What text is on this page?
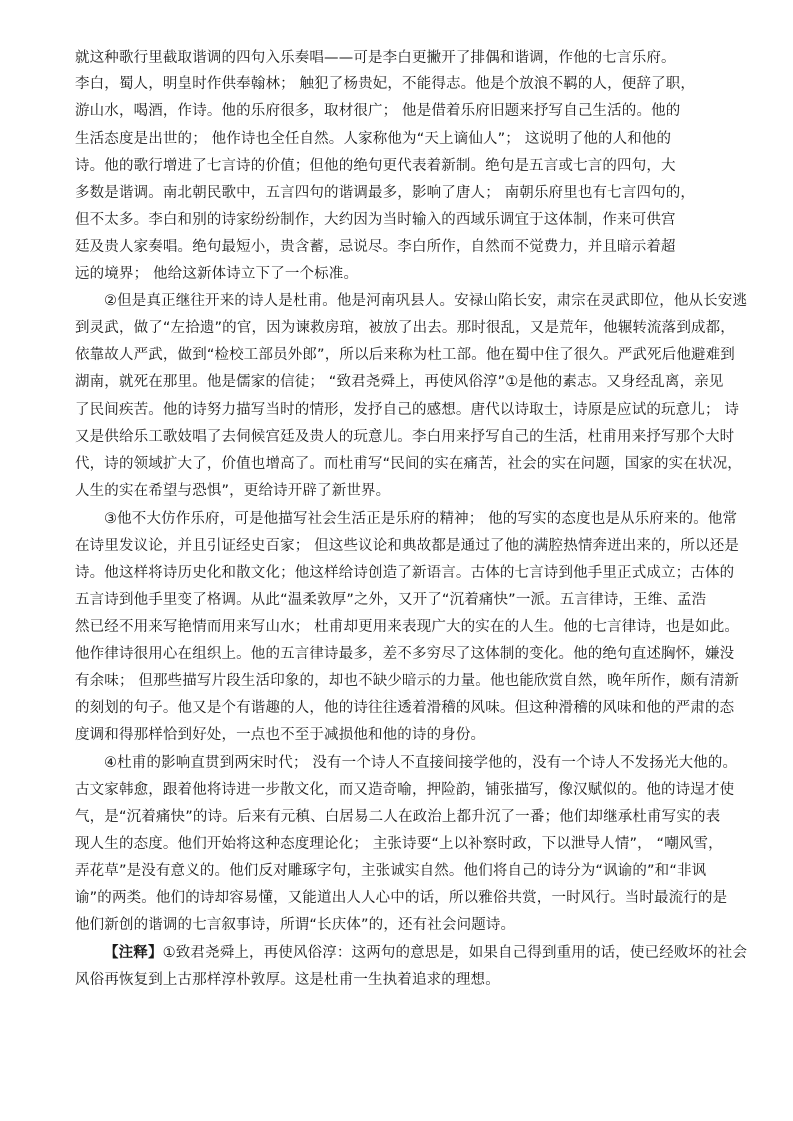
就这种歌行里截取谐调的四句入乐奏唱——可是李白更撇开了排偶和谐调，作他的七言乐府。
李白，蜀人，明皇时作供奉翰林； 触犯了杨贵妃，不能得志。他是个放浪不羁的人，便辞了职，
游山水，喝酒，作诗。他的乐府很多，取材很广； 他是借着乐府旧题来抒写自己生活的。他的
生活态度是出世的； 他作诗也全任自然。人家称他为“天上谪仙人”； 这说明了他的人和他的
诗。他的歌行增进了七言诗的价值；但他的绝句更代表着新制。绝句是五言或七言的四句，大
多数是谐调。南北朝民歌中，五言四句的谐调最多，影响了唐人； 南朝乐府里也有七言四句的，
但不太多。李白和别的诗家纷纷制作，大约因为当时输入的西域乐调宜于这体制，作来可供宫
廷及贵人家奏唱。绝句最短小，贵含蓄，忌说尽。李白所作，自然而不觉费力，并且暗示着超
远的境界； 他给这新体诗立下了一个标准。
②但是真正继往开来的诗人是杜甫。他是河南巩县人。安禄山陷长安，肃宗在灵武即位，他从长安逃
到灵武，做了“左拾遗”的官，因为谏救房琯，被放了出去。那时很乱，又是荒年，他辗转流落到成都，
依靠故人严武，做到“检校工部员外郎”，所以后来称为杜工部。他在蜀中住了很久。严武死后他避难到
湖南，就死在那里。他是儒家的信徒； “致君尧舜上，再使风俗淳”①是他的素志。又身经乱离，亲见
了民间疾苦。他的诗努力描写当时的情形，发抒自己的感想。唐代以诗取士，诗原是应试的玩意儿； 诗
又是供给乐工歌妓唱了去伺候宫廷及贵人的玩意儿。李白用来抒写自己的生活，杜甫用来抒写那个大时
代，诗的领域扩大了，价值也增高了。而杜甫写“民间的实在痛苦，社会的实在问题，国家的实在状况，
人生的实在希望与恐惧”，更给诗开辟了新世界。
③他不大仿作乐府，可是他描写社会生活正是乐府的精神； 他的写实的态度也是从乐府来的。他常
在诗里发议论，并且引证经史百家； 但这些议论和典故都是通过了他的满腔热情奔迸出来的，所以还是
诗。他这样将诗历史化和散文化；他这样给诗创造了新语言。古体的七言诗到他手里正式成立；古体的
五言诗到他手里变了格调。从此“温柔敦厚”之外，又开了“沉着痛快”一派。五言律诗，王维、孟浩
然已经不用来写艳情而用来写山水； 杜甫却更用来表现广大的实在的人生。他的七言律诗，也是如此。
他作律诗很用心在组织上。他的五言律诗最多，差不多穷尽了这体制的变化。他的绝句直述胸怀，嫌没
有余味； 但那些描写片段生活印象的，却也不缺少暗示的力量。他也能欣赏自然，晚年所作，颇有清新
的刻划的句子。他又是个有谐趣的人，他的诗往往透着滑稽的风味。但这种滑稽的风味和他的严肃的态
度调和得那样恰到好处，一点也不至于减损他和他的诗的身份。
④杜甫的影响直贯到两宋时代； 没有一个诗人不直接间接学他的，没有一个诗人不发扬光大他的。
古文家韩愈，跟着他将诗进一步散文化，而又造奇喻，押险韵，铺张描写，像汉赋似的。他的诗逞才使
气，是“沉着痛快”的诗。后来有元稹、白居易二人在政治上都升沉了一番；他们却继承杜甫写实的表
现人生的态度。他们开始将这种态度理论化； 主张诗要“上以补察时政，下以泄导人情”， “嘲风雪，
弄花草”是没有意义的。他们反对雕琢字句，主张诚实自然。他们将自己的诗分为“讽谕的”和“非讽
谕”的两类。他们的诗却容易懂，又能道出人人心中的话，所以雅俗共赏，一时风行。当时最流行的是
他们新创的谐调的七言叙事诗，所谓“长庆体”的，还有社会问题诗。
【注释】①致君尧舜上，再使风俗淳：这两句的意思是，如果自己得到重用的话，使已经败坏的社会
风俗再恢复到上古那样淳朴敦厚。这是杜甫一生执着追求的理想。
